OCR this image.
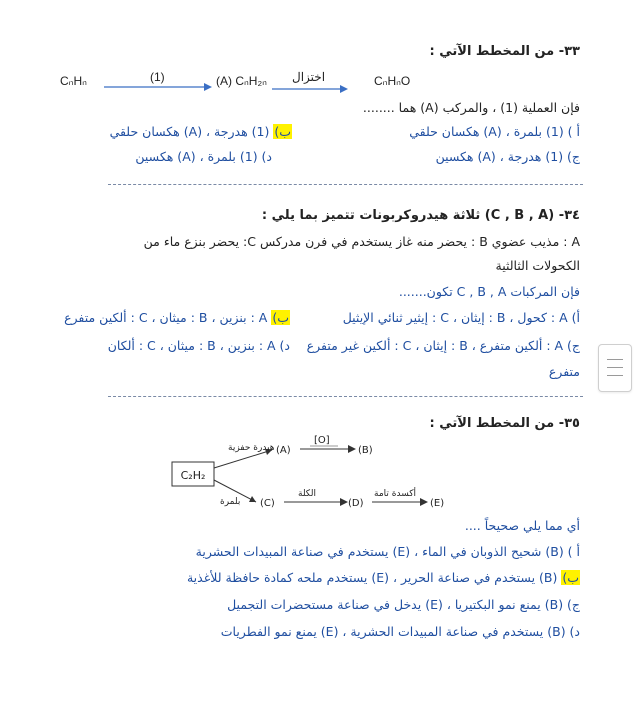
٣٣- من المخطط الآتي :
CₙHₙ	(1)	(A) CₙH₂ₙ اختزال	CₙHₙO
فإن العملية (1) ، والمركب (A) هما ........
أ ) (1) بلمرة ، (A) هكسان حلقي
ب) (1) هدرجة ، (A) هكسان حلقي
ج) (1) هدرجة ، (A) هكسين
د) (1) بلمرة ، (A) هكسين
٣٤- (C , B , A) ثلاثة هيدروكربونات تتميز بما يلي :
A : مذيب عضوي B : يحضر منه غاز يستخدم في فرن مدركس C: يحضر بنزع ماء من
الكحولات الثالثية
فإن المركبات C , B , A تكون.......
أ) A : كحول ، B : إيثان ، C : إيثير ثنائي الإيثيل
ب) A : بنزين ، B : ميثان ، C : ألكين متفرع
ج) A : ألكين متفرع ، B : إيثان ، C : ألكين غير متفرع
د) A : بنزين ، B : ميثان ، C : ألكان
متفرع
٣٥- من المخطط الآتي :
C₂H₂
هيدرة حفزية (A)
[O]
(B)
بلمرة (C)
الكلة
(D)
أكسدة تامة
(E)
أي مما يلي صحيحاً ....
أ ) (B) شحيح الذوبان في الماء ، (E) يستخدم في صناعة المبيدات الحشرية
ب) (B) يستخدم في صناعة الحرير ، (E) يستخدم ملحه كمادة حافظة للأغذية
ج) (B) يمنع نمو البكتيريا ، (E) يدخل في صناعة مستحضرات التجميل
د) (B) يستخدم في صناعة المبيدات الحشرية ، (E) يمنع نمو الفطريات
